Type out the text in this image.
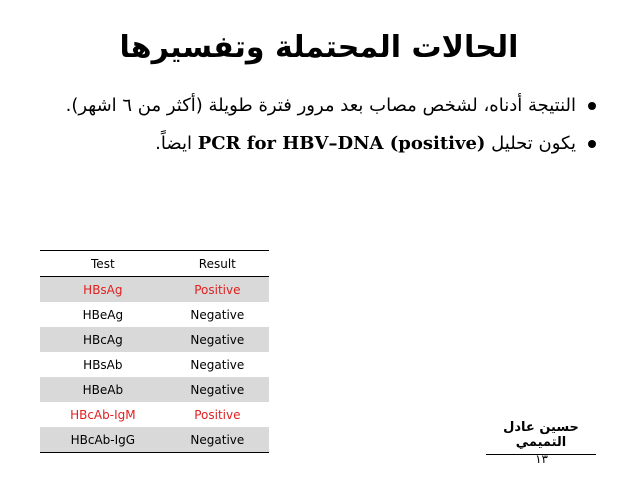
الحالات المحتملة وتفسيرها
النتيجة أدناه، لشخص مصاب بعد مرور فترة طويلة (أكثر من ٦ اشهر).
يكون تحليل PCR for HBV–DNA (positive) ايضاً.
Test	Result
HBsAg	Positive
HBeAg	Negative
HBcAg	Negative
HBsAb	Negative
HBeAb	Negative
HBcAb-IgM	Positive
HBcAb-IgG	Negative
حسين عادل التميمي
١٣
